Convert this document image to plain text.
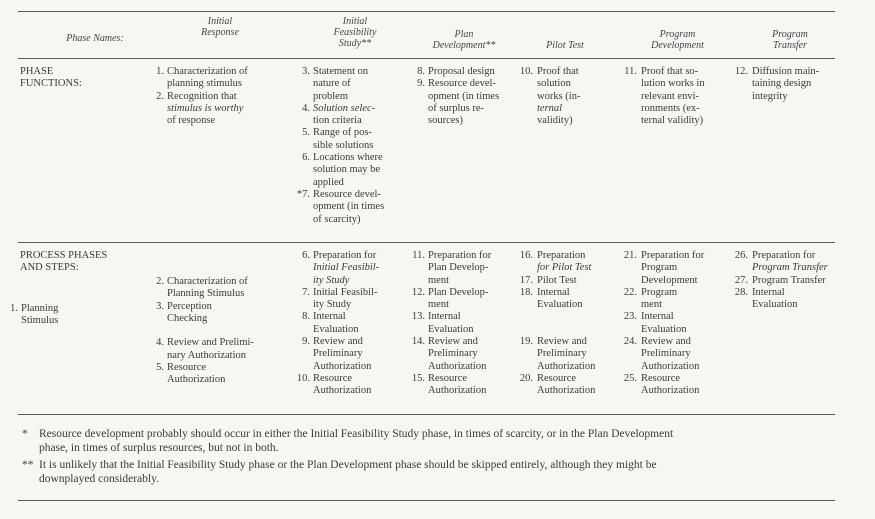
Phase Names:
Initial
Response
Initial
Feasibility
Study**
Plan
Development**	Pilot Test
Program
Development
Program
Transfer
PHASE
FUNCTIONS:
PROCESS PHASES
AND STEPS:
1. Characterization of
planning stimulus
2. Recognition that
stimulus is worthy
of response
3. Statement on
nature of
problem
4. Solution selec-
tion criteria
5. Range of pos-
sible solutions
6. Locations where
solution may be
applied
*7. Resource devel-
opment (in times
of scarcity)
8. Proposal design
9. Resource devel-
opment (in times
of surplus re-
sources)
10. Proof that
solution
works (in-
ternal
validity)
11. Proof that so-
lution works in
relevant envi-
ronments (ex-
ternal validity)
12. Diffusion main-
taining design
integrity
1. Planning
Stimulus
2. Characterization of
Planning Stimulus
3. Perception
Checking
4. Review and Prelimi-
nary Authorization
5. Resource
Authorization
6. Preparation for
Initial Feasibil-
ity Study
7. Initial Feasibil-
ity Study
8. Internal
Evaluation
9. Review and
Preliminary
Authorization
10. Resource
Authorization
11. Preparation for
Plan Develop-
ment
12. Plan Develop-
ment
13. Internal
Evaluation
14. Review and
Preliminary
Authorization
15. Resource
Authorization
16. Preparation
for Pilot Test
17. Pilot Test
18. Internal
Evaluation
19. Review and
Preliminary
Authorization
20. Resource
Authorization
21. Preparation for
Program
Development
22. Program
ment
23. Internal
Evaluation
24. Review and
Preliminary
Authorization
25. Resource
Authorization
26. Preparation for
Program Transfer
27. Program Transfer
28. Internal
Evaluation
* Resource development probably should occur in either the Initial Feasibility Study phase, in times of scarcity, or in the Plan Development
phase, in times of surplus resources, but not in both.
** It is unlikely that the Initial Feasibility Study phase or the Plan Development phase should be skipped entirely, although they might be
downplayed considerably.
